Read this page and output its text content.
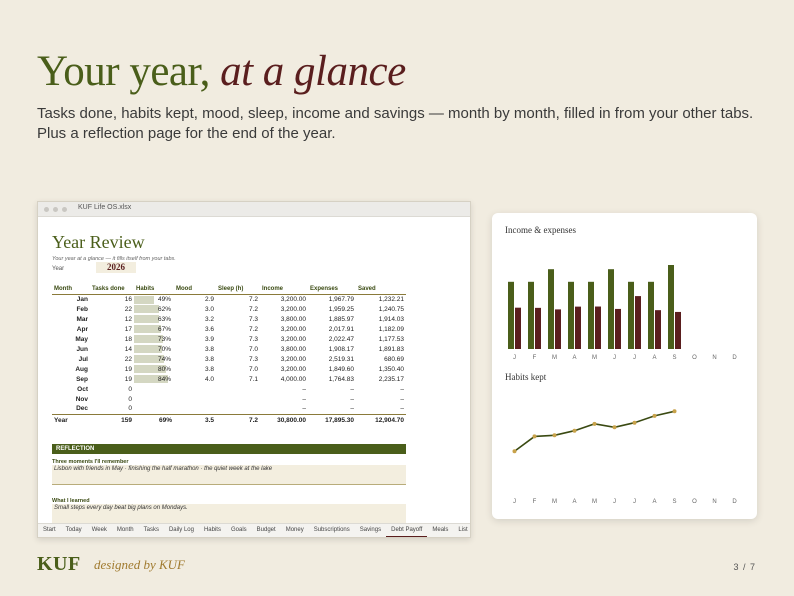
Your year, at a glance
Tasks done, habits kept, mood, sleep, income and savings — month by month, filled in from your other tabs. Plus a reflection page for the end of the year.
KUF Life OS.xlsx
Year Review
Your year at a glance — it fills itself from your tabs.
Year	2026
Month	Tasks done	Habits	Mood	Sleep (h)	Income	Expenses	Saved
Jan	16	49%	2.9	7.2	3,200.00	1,967.79	1,232.21
Feb	22	62%	3.0	7.2	3,200.00	1,959.25	1,240.75
Mar	12	63%	3.2	7.3	3,800.00	1,885.97	1,914.03
Apr	17	67%	3.6	7.2	3,200.00	2,017.91	1,182.09
May	18	73%	3.9	7.3	3,200.00	2,022.47	1,177.53
Jun	14	70%	3.8	7.0	3,800.00	1,908.17	1,891.83
Jul	22	74%	3.8	7.3	3,200.00	2,519.31	680.69
Aug	19	80%	3.8	7.0	3,200.00	1,849.60	1,350.40
Sep	19	84%	4.0	7.1	4,000.00	1,764.83	2,235.17
Oct	0				–	–	–
Nov	0				–	–	–
Dec	0				–	–	–
Year	159	69%	3.5	7.2	30,800.00	17,895.30	12,904.70
REFLECTION
Three moments I'll remember
Lisbon with friends in May · finishing the half marathon · the quiet week at the lake
What I learned
Small steps every day beat big plans on Mondays.
Start	Today	Week	Month	Tasks	Daily Log	Habits	Goals	Budget	Money	Subscriptions	Savings	Debt Payoff	Meals	List
Income & expenses
J	F	M	A	M	J	J	A	S	O	N	D
Habits kept
J	F	M	A	M	J	J	A	S	O	N	D
KUF designed by KUF	3 / 7
